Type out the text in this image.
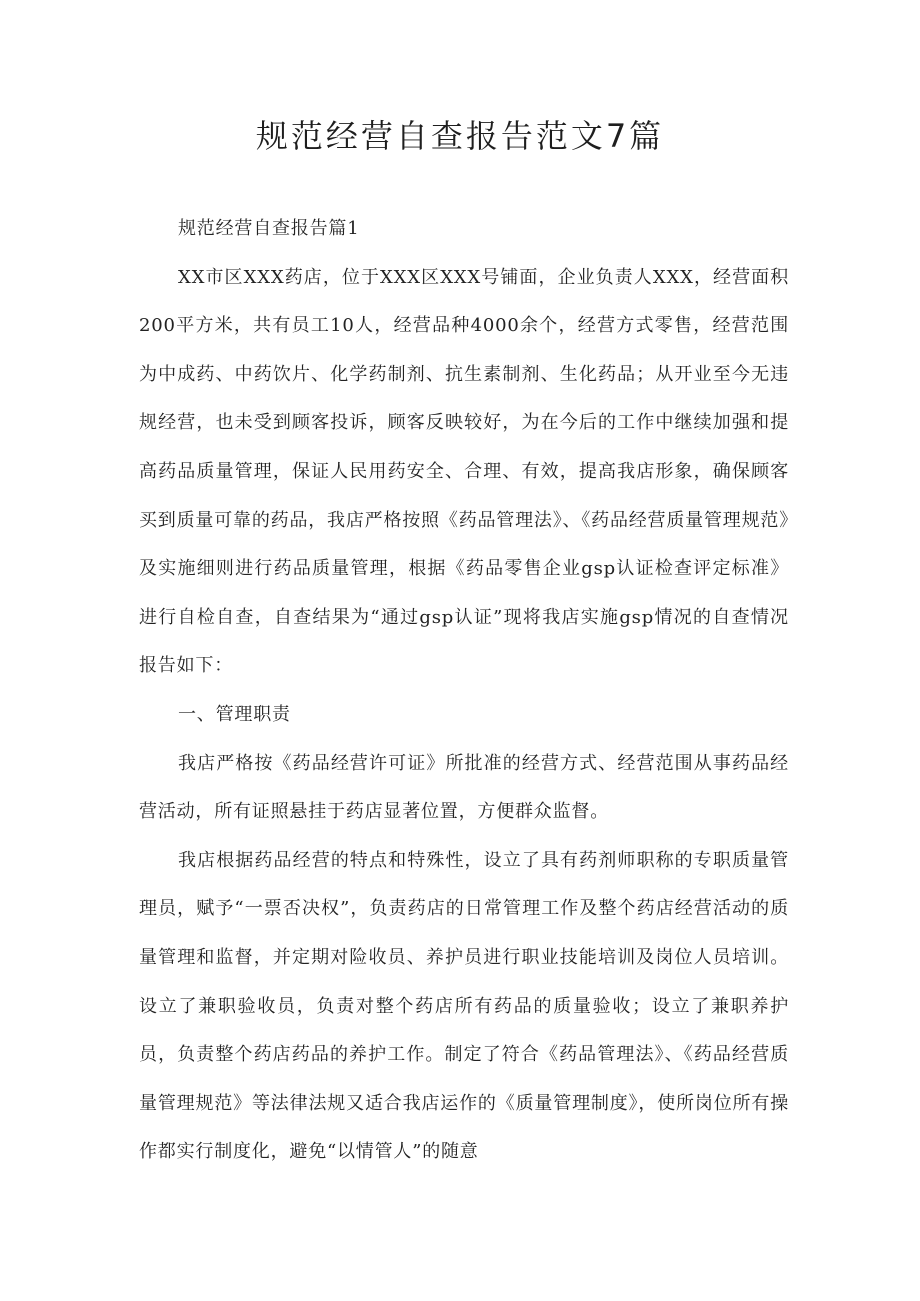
规范经营自查报告范文7篇

规范经营自查报告篇1

XX市区XXX药店，位于XXX区XXX号铺面，企业负责人XXX，经营面积200平方米，共有员工10人，经营品种4000余个，经营方式零售，经营范围为中成药、中药饮片、化学药制剂、抗生素制剂、生化药品；从开业至今无违规经营，也未受到顾客投诉，顾客反映较好，为在今后的工作中继续加强和提高药品质量管理，保证人民用药安全、合理、有效，提高我店形象，确保顾客买到质量可靠的药品，我店严格按照《药品管理法》、《药品经营质量管理规范》及实施细则进行药品质量管理，根据《药品零售企业gsp认证检查评定标准》进行自检自查，自查结果为“通过gsp认证”现将我店实施gsp情况的自查情况报告如下：

一、管理职责

我店严格按《药品经营许可证》所批准的经营方式、经营范围从事药品经营活动，所有证照悬挂于药店显著位置，方便群众监督。

我店根据药品经营的特点和特殊性，设立了具有药剂师职称的专职质量管理员，赋予“一票否决权”，负责药店的日常管理工作及整个药店经营活动的质量管理和监督，并定期对险收员、养护员进行职业技能培训及岗位人员培训。设立了兼职验收员，负责对整个药店所有药品的质量验收；设立了兼职养护员，负责整个药店药品的养护工作。制定了符合《药品管理法》、《药品经营质量管理规范》等法律法规又适合我店运作的《质量管理制度》，使所岗位所有操作都实行制度化，避免“以情管人”的随意
